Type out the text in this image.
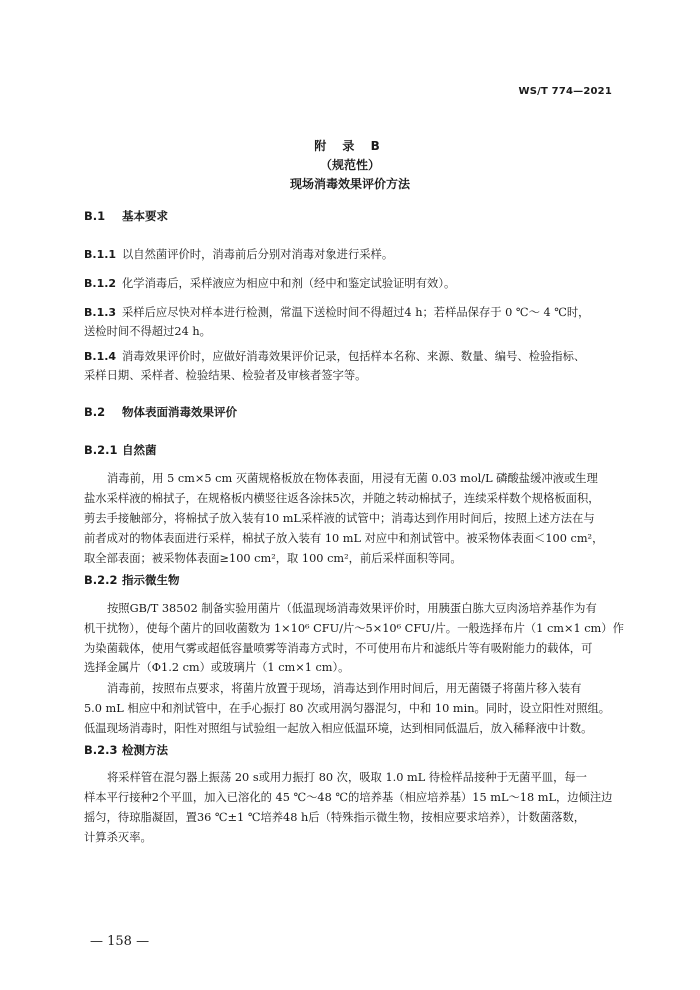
WS/T 774—2021
附 录 B
（规范性）
现场消毒效果评价方法
B.1 基本要求
B.1.1 以自然菌评价时，消毒前后分别对消毒对象进行采样。
B.1.2 化学消毒后，采样液应为相应中和剂（经中和鉴定试验证明有效）。
B.1.3 采样后应尽快对样本进行检测，常温下送检时间不得超过4 h；若样品保存于 0 ℃～ 4 ℃时，
送检时间不得超过24 h。
B.1.4 消毒效果评价时，应做好消毒效果评价记录，包括样本名称、来源、数量、编号、检验指标、
采样日期、采样者、检验结果、检验者及审核者签字等。
B.2 物体表面消毒效果评价
B.2.1 自然菌
消毒前，用 5 cm×5 cm 灭菌规格板放在物体表面，用浸有无菌 0.03 mol/L 磷酸盐缓冲液或生理
盐水采样液的棉拭子，在规格板内横竖往返各涂抹5次，并随之转动棉拭子，连续采样数个规格板面积，
剪去手接触部分，将棉拭子放入装有10 mL采样液的试管中；消毒达到作用时间后，按照上述方法在与
前者成对的物体表面进行采样，棉拭子放入装有 10 mL 对应中和剂试管中。被采物体表面＜100 cm²，
取全部表面；被采物体表面≥100 cm²，取 100 cm²，前后采样面积等同。
B.2.2 指示微生物
按照GB/T 38502 制备实验用菌片（低温现场消毒效果评价时，用胰蛋白胨大豆肉汤培养基作为有
机干扰物），使每个菌片的回收菌数为 1×10⁶ CFU/片～5×10⁶ CFU/片。一般选择布片（1 cm×1 cm）作
为染菌载体，使用气雾或超低容量喷雾等消毒方式时，不可使用布片和滤纸片等有吸附能力的载体，可
选择金属片（Φ1.2 cm）或玻璃片（1 cm×1 cm）。
消毒前，按照布点要求，将菌片放置于现场，消毒达到作用时间后，用无菌镊子将菌片移入装有
5.0 mL 相应中和剂试管中，在手心振打 80 次或用涡匀器混匀，中和 10 min。同时，设立阳性对照组。
低温现场消毒时，阳性对照组与试验组一起放入相应低温环境，达到相同低温后，放入稀释液中计数。
B.2.3 检测方法
将采样管在混匀器上振荡 20 s或用力振打 80 次，吸取 1.0 mL 待检样品接种于无菌平皿，每一
样本平行接种2个平皿，加入已溶化的 45 ℃～48 ℃的培养基（相应培养基）15 mL～18 mL，边倾注边
摇匀，待琼脂凝固，置36 ℃±1 ℃培养48 h后（特殊指示微生物，按相应要求培养），计数菌落数，
计算杀灭率。
— 158 —
